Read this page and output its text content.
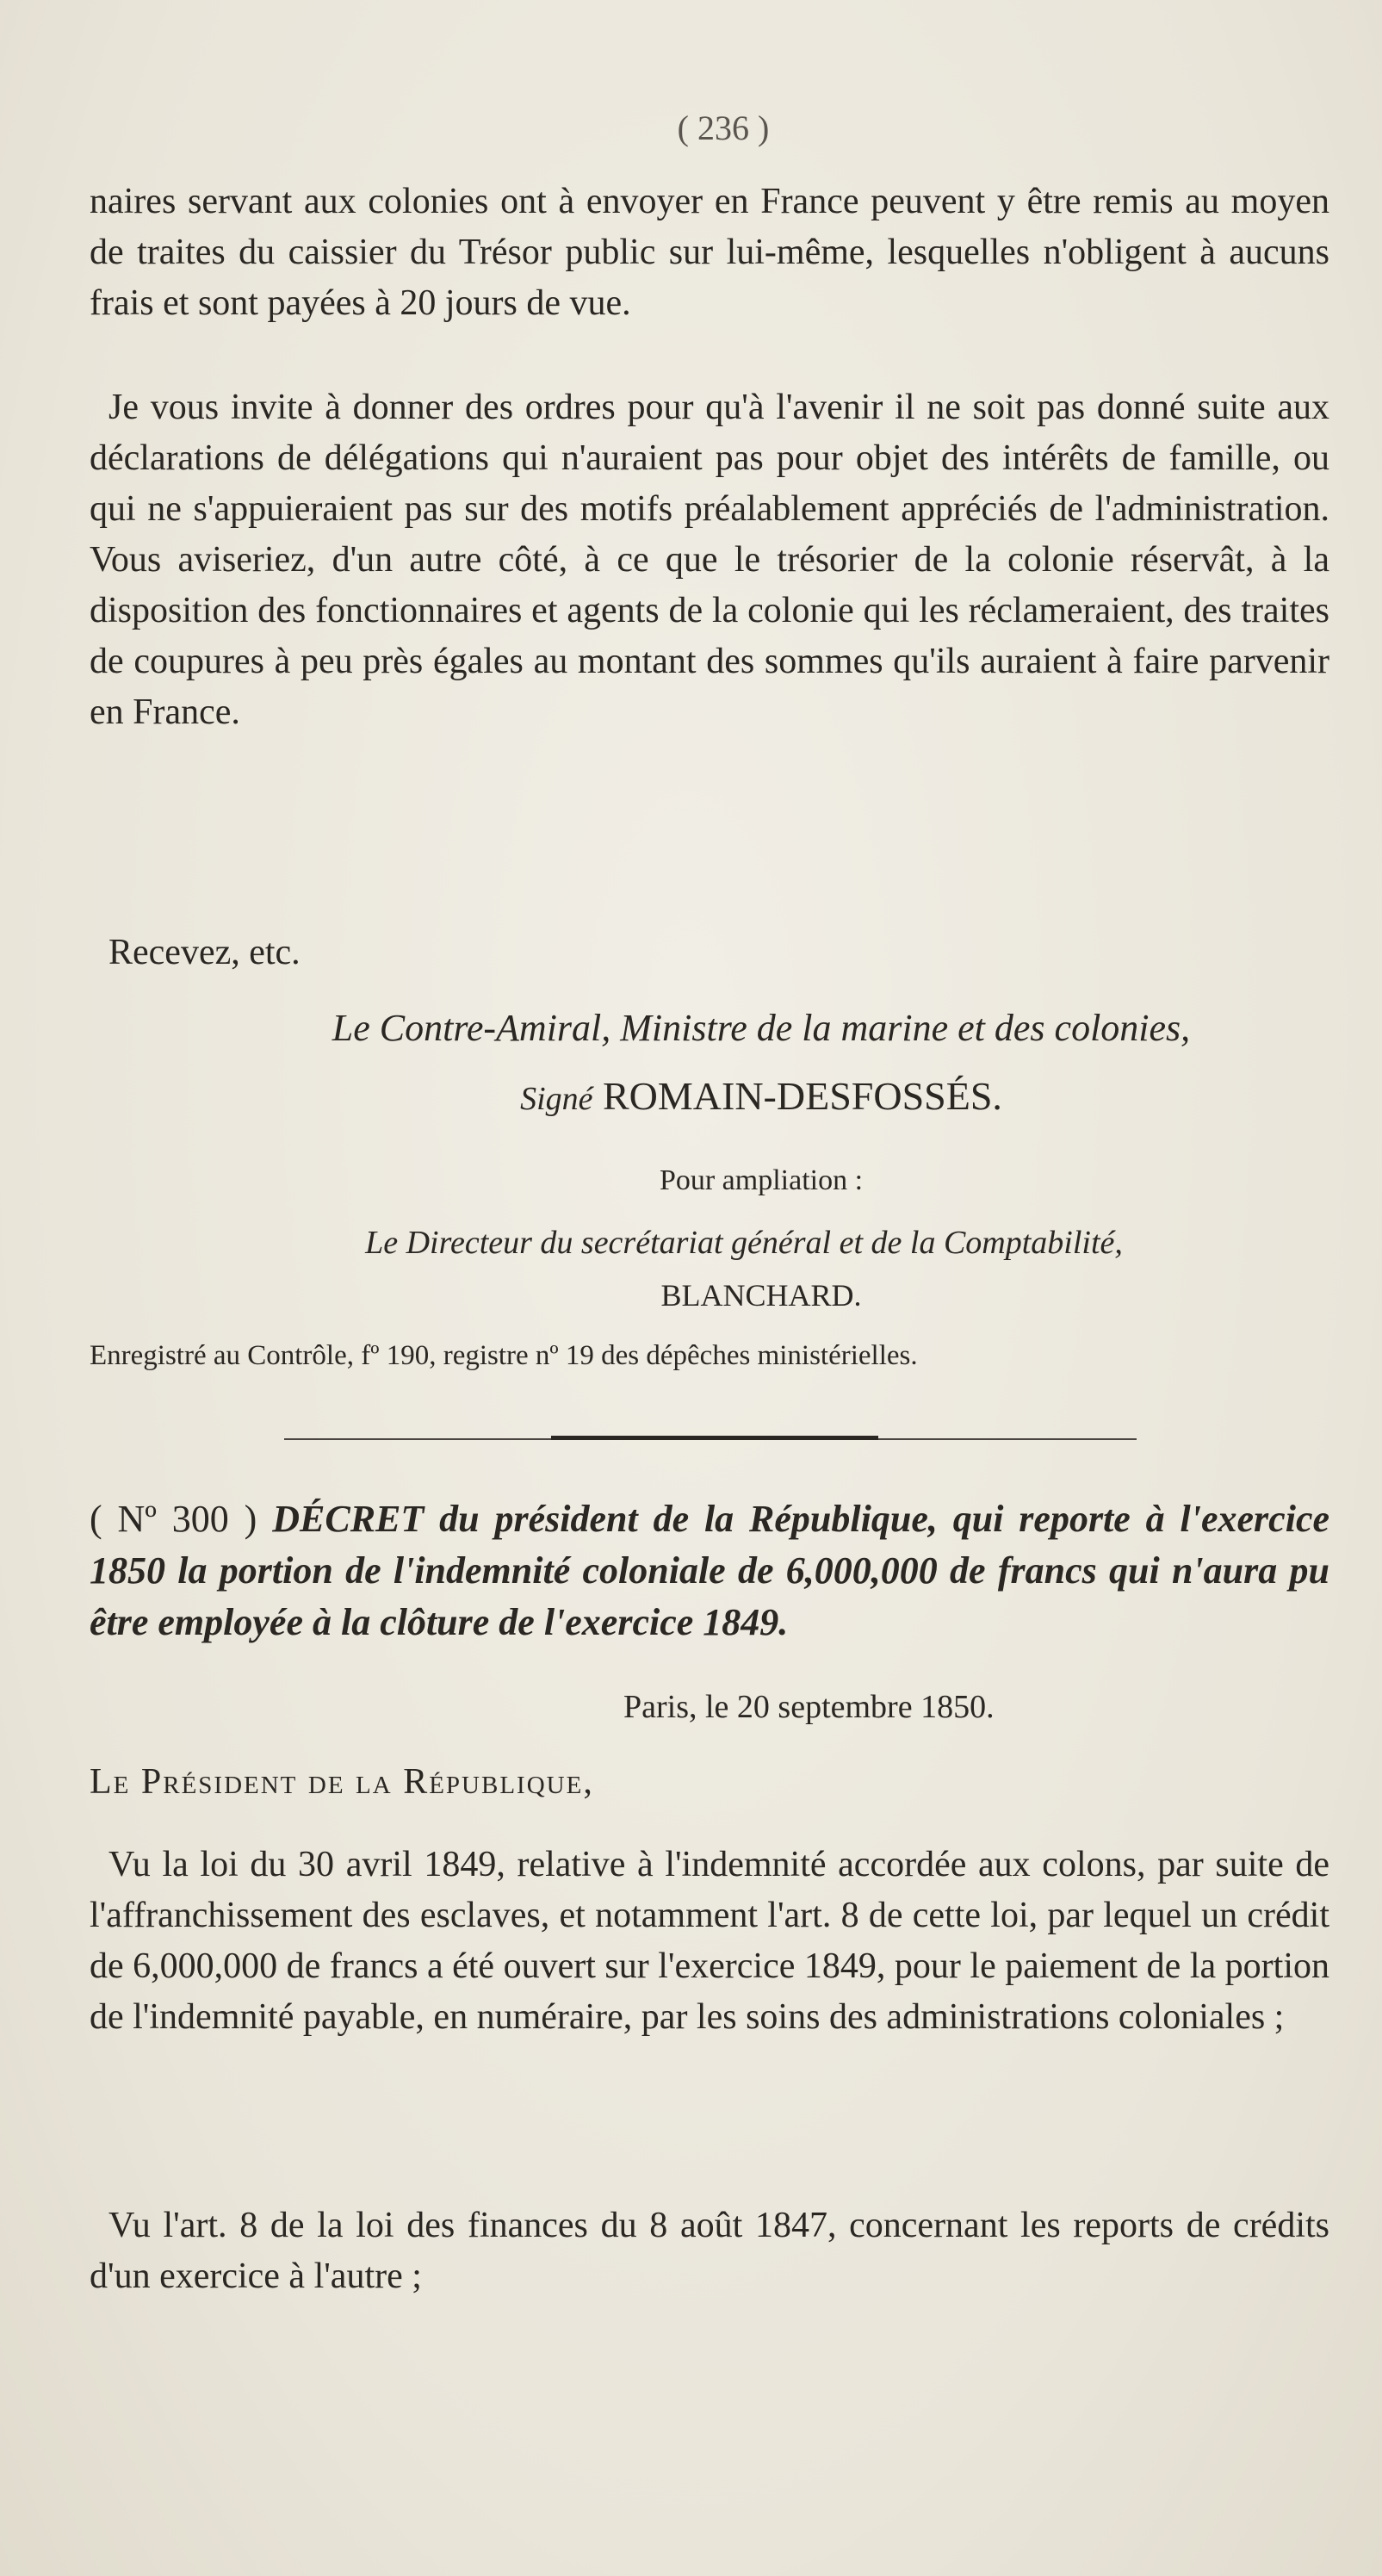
( 236 )
naires servant aux colonies ont à envoyer en France peuvent y être remis au moyen de traites du caissier du Trésor public sur lui-même, lesquelles n'obligent à aucuns frais et sont payées à 20 jours de vue.
Je vous invite à donner des ordres pour qu'à l'avenir il ne soit pas donné suite aux déclarations de délégations qui n'auraient pas pour objet des intérêts de famille, ou qui ne s'appuieraient pas sur des motifs préalablement appréciés de l'administration. Vous aviseriez, d'un autre côté, à ce que le trésorier de la colonie réservât, à la disposition des fonctionnaires et agents de la colonie qui les réclameraient, des traites de coupures à peu près égales au montant des sommes qu'ils auraient à faire parvenir en France.
Recevez, etc.
Le Contre-Amiral, Ministre de la marine et des colonies,
Signé ROMAIN-DESFOSSÉS.
Pour ampliation :
Le Directeur du secrétariat général et de la Comptabilité,
BLANCHARD.
Enregistré au Contrôle, fº 190, registre nº 19 des dépêches ministérielles.
( Nº 300 ) DÉCRET du président de la République, qui reporte à l'exercice 1850 la portion de l'indemnité coloniale de 6,000,000 de francs qui n'aura pu être employée à la clôture de l'exercice 1849.
Paris, le 20 septembre 1850.
Le Président de la République,
Vu la loi du 30 avril 1849, relative à l'indemnité accordée aux colons, par suite de l'affranchissement des esclaves, et notamment l'art. 8 de cette loi, par lequel un crédit de 6,000,000 de francs a été ouvert sur l'exercice 1849, pour le paiement de la portion de l'indemnité payable, en numéraire, par les soins des administrations coloniales ;
Vu l'art. 8 de la loi des finances du 8 août 1847, concernant les reports de crédits d'un exercice à l'autre ;
